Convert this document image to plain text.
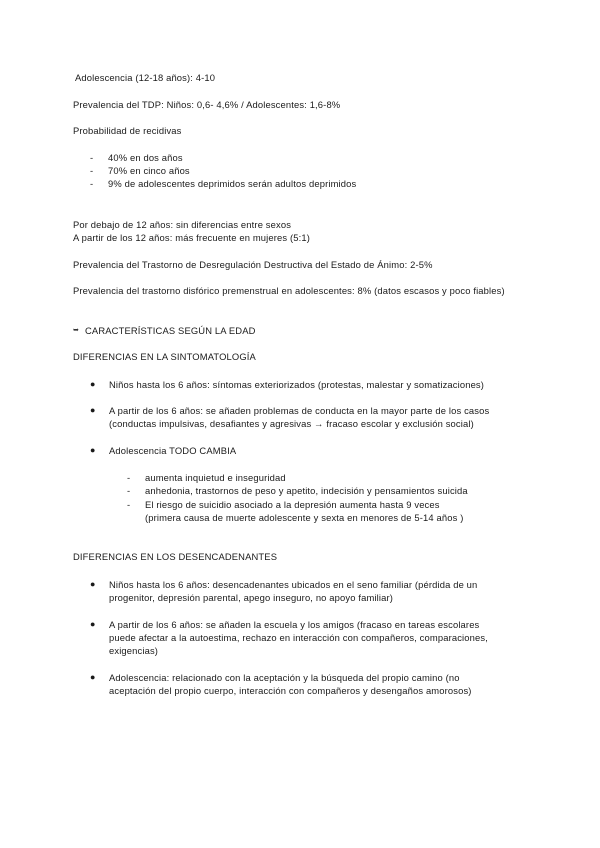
Adolescencia (12-18 años): 4-10
Prevalencia del TDP: Niños: 0,6- 4,6% / Adolescentes: 1,6-8%
Probabilidad de recidivas
- 40% en dos años
- 70% en cinco años
- 9% de adolescentes deprimidos serán adultos deprimidos
Por debajo de 12 años: sin diferencias entre sexos
A partir de los 12 años: más frecuente en mujeres (5:1)
Prevalencia del Trastorno de Desregulación Destructiva del Estado de Ánimo: 2-5%
Prevalencia del trastorno disfórico premenstrual en adolescentes: 8% (datos escasos y poco fiables)
➥ CARACTERÍSTICAS SEGÚN LA EDAD
DIFERENCIAS EN LA SINTOMATOLOGÍA
● Niños hasta los 6 años: síntomas exteriorizados (protestas, malestar y somatizaciones)
● A partir de los 6 años: se añaden problemas de conducta en la mayor parte de los casos
(conductas impulsivas, desafiantes y agresivas → fracaso escolar y exclusión social)
● Adolescencia TODO CAMBIA
- aumenta inquietud e inseguridad
- anhedonia, trastornos de peso y apetito, indecisión y pensamientos suicida
- El riesgo de suicidio asociado a la depresión aumenta hasta 9 veces
(primera causa de muerte adolescente y sexta en menores de 5-14 años )
DIFERENCIAS EN LOS DESENCADENANTES
● Niños hasta los 6 años: desencadenantes ubicados en el seno familiar (pérdida de un
progenitor, depresión parental, apego inseguro, no apoyo familiar)
● A partir de los 6 años: se añaden la escuela y los amigos (fracaso en tareas escolares
puede afectar a la autoestima, rechazo en interacción con compañeros, comparaciones,
exigencias)
● Adolescencia: relacionado con la aceptación y la búsqueda del propio camino (no
aceptación del propio cuerpo, interacción con compañeros y desengaños amorosos)
